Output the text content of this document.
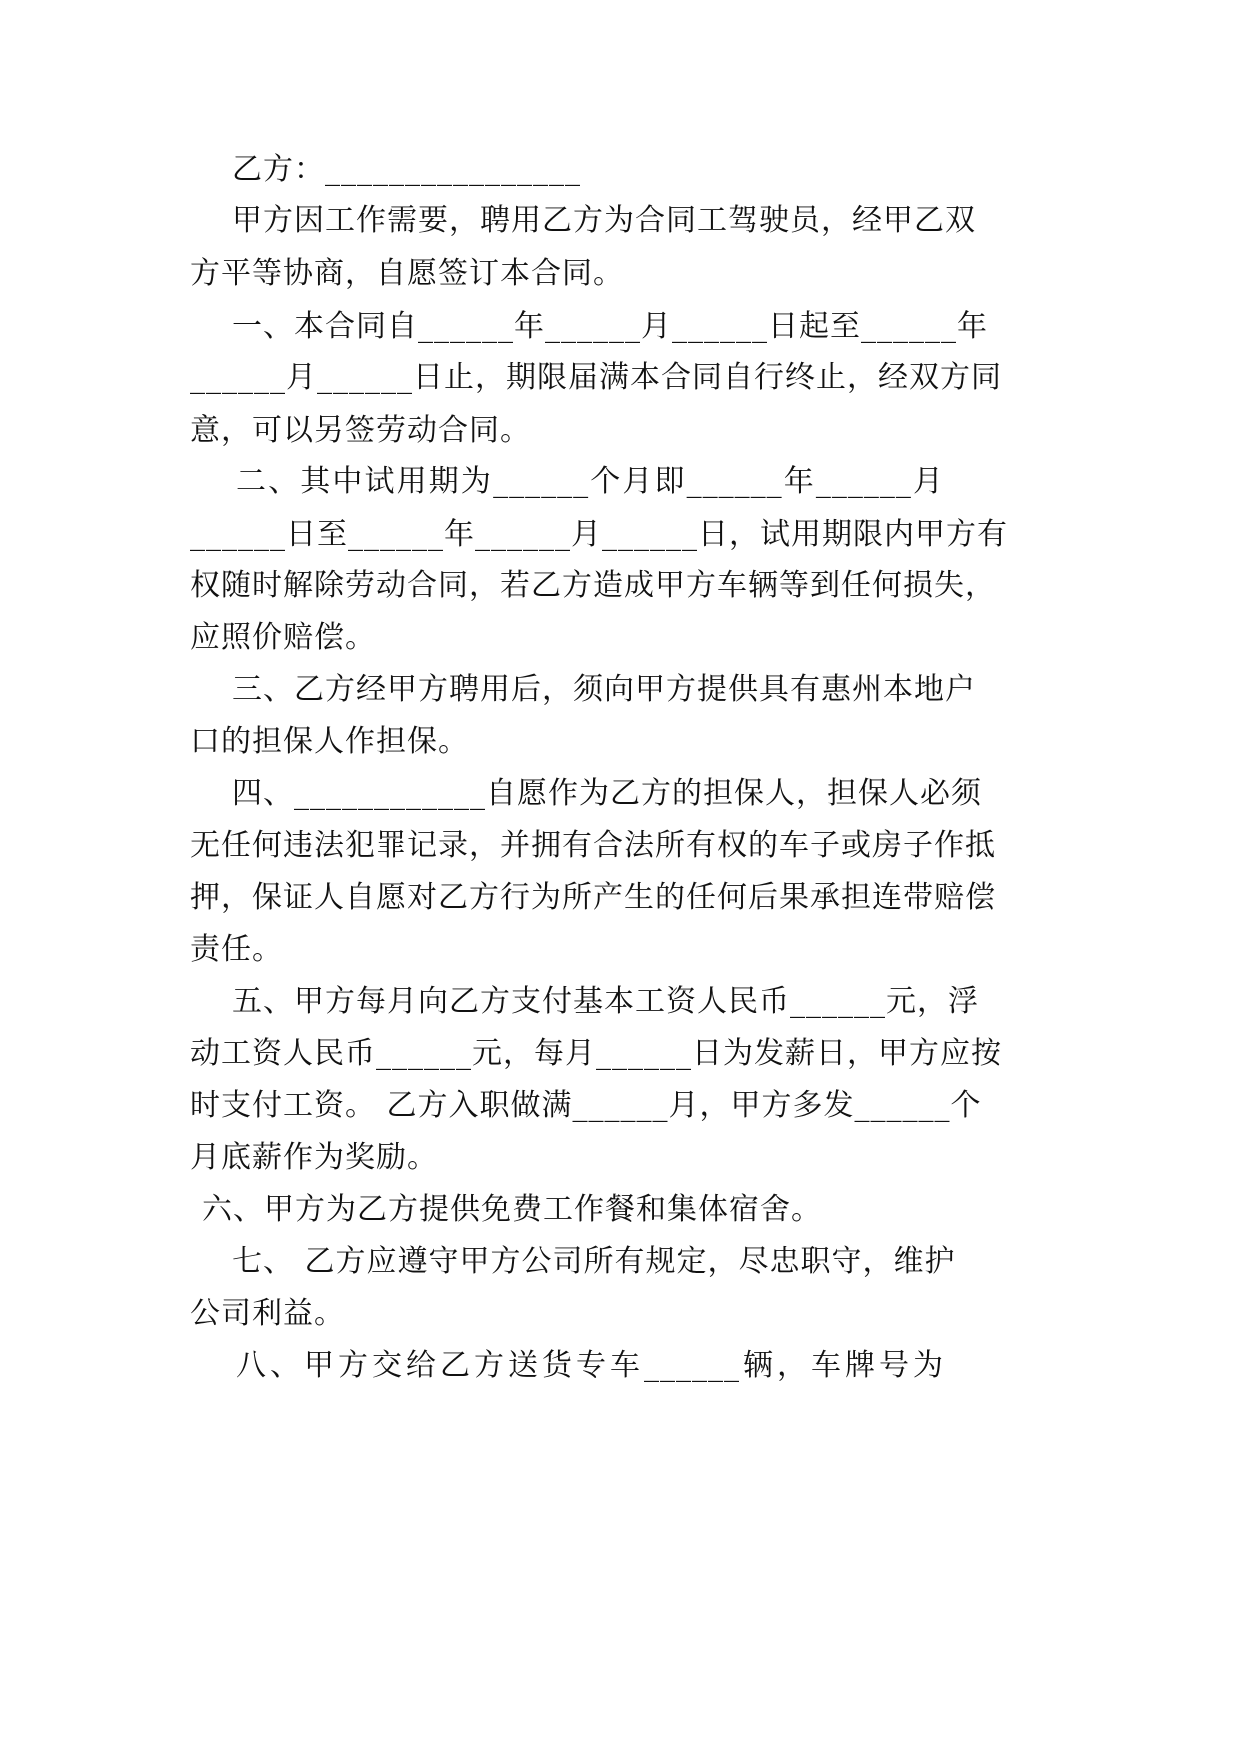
乙方：________________
甲方因工作需要，聘用乙方为合同工驾驶员，经甲乙双
方平等协商，自愿签订本合同。
一、本合同自______年______月______日起至______年
______月______日止，期限届满本合同自行终止，经双方同
意，可以另签劳动合同。
二、其中试用期为______个月即______年______月
______日至______年______月______日，试用期限内甲方有
权随时解除劳动合同，若乙方造成甲方车辆等到任何损失，
应照价赔偿。
三、乙方经甲方聘用后，须向甲方提供具有惠州本地户
口的担保人作担保。
四、____________自愿作为乙方的担保人，担保人必须
无任何违法犯罪记录，并拥有合法所有权的车子或房子作抵
押，保证人自愿对乙方行为所产生的任何后果承担连带赔偿
责任。
五、甲方每月向乙方支付基本工资人民币______元，浮
动工资人民币______元，每月______日为发薪日，甲方应按
时支付工资。 乙方入职做满______月，甲方多发______个
月底薪作为奖励。
六、甲方为乙方提供免费工作餐和集体宿舍。
七、 乙方应遵守甲方公司所有规定，尽忠职守，维护
公司利益。
八、甲方交给乙方送货专车______辆，车牌号为
